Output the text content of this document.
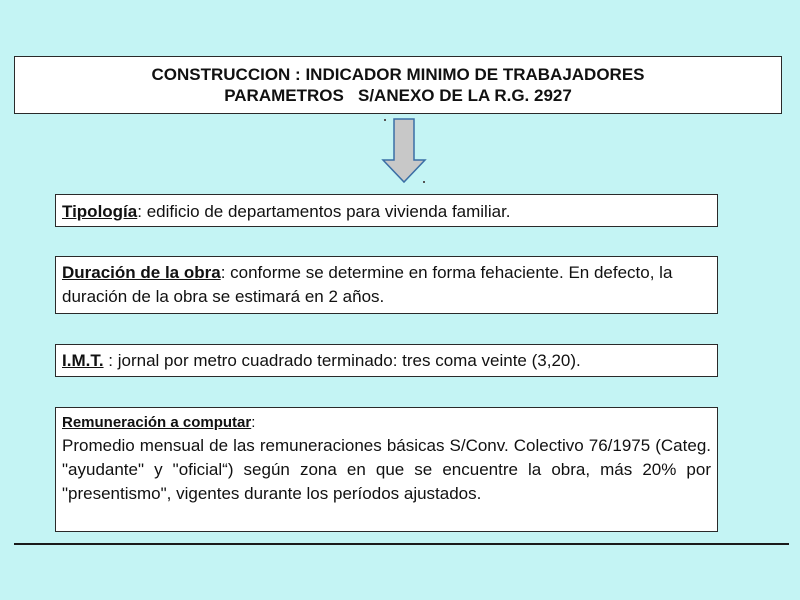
CONSTRUCCION : INDICADOR MINIMO DE TRABAJADORES
PARAMETROS   S/ANEXO DE LA R.G. 2927
Tipología: edificio de departamentos para vivienda familiar.
Duración de la obra: conforme se determine en forma fehaciente. En defecto, la duración de la obra se estimará en 2 años.
I.M.T. : jornal por metro cuadrado terminado: tres coma veinte (3,20).
Remuneración a computar:
Promedio mensual de las remuneraciones básicas S/Conv. Colectivo 76/1975 (Categ. "ayudante" y "oficial“) según zona en que se encuentre la obra, más 20% por "presentismo", vigentes durante los períodos ajustados.
